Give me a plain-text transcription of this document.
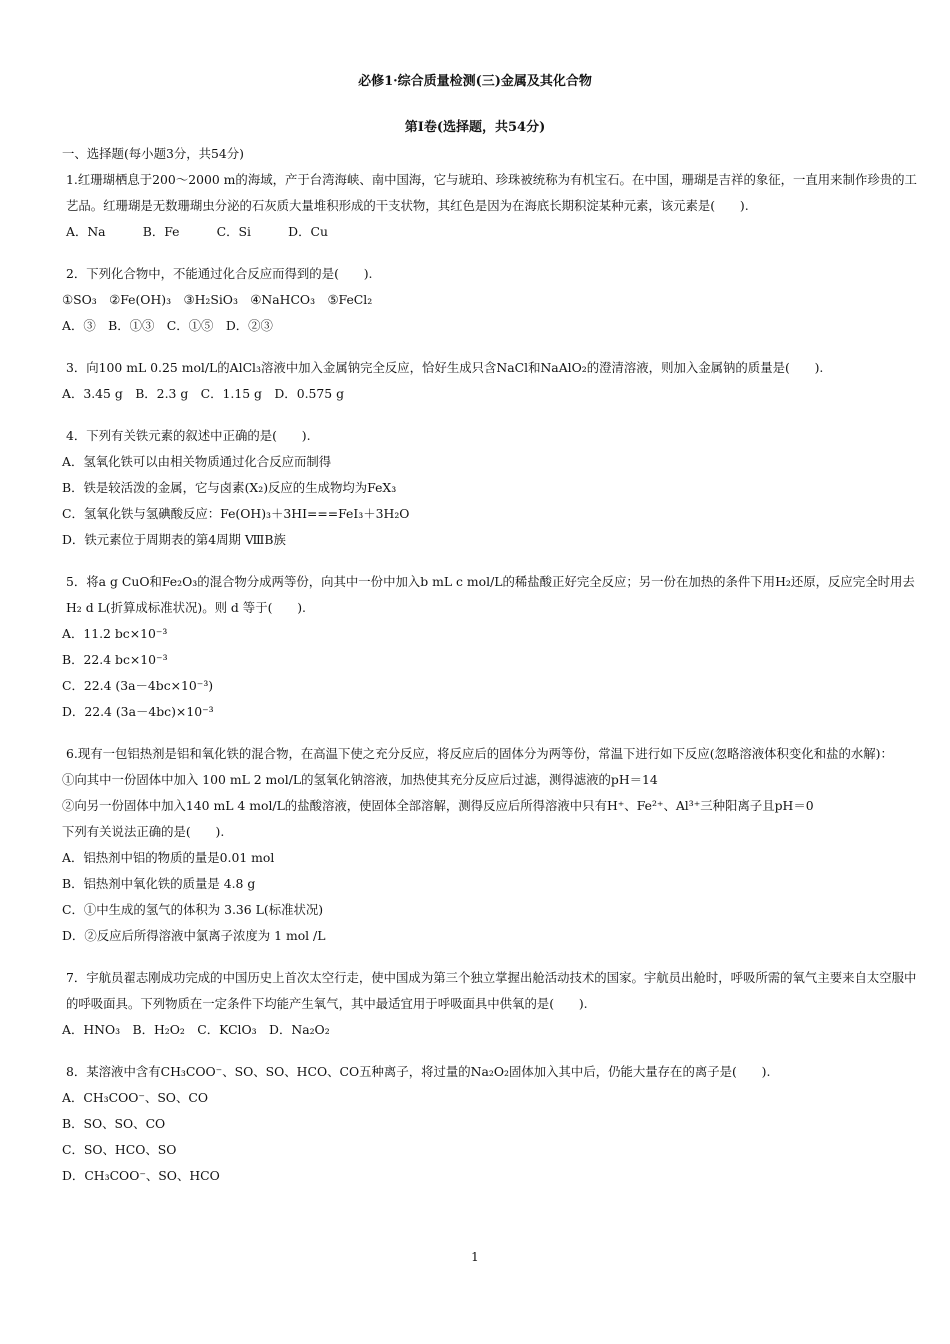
必修1·综合质量检测(三)金属及其化合物
第Ⅰ卷(选择题，共54分)
一、选择题(每小题3分，共54分)
1.红珊瑚栖息于200～2000 m的海域，产于台湾海峡、南中国海，它与琥珀、珍珠被统称为有机宝石。在中国，珊瑚是吉祥的象征，一直用来制作珍贵的工艺品。红珊瑚是无数珊瑚虫分泌的石灰质大量堆积形成的干支状物，其红色是因为在海底长期积淀某种元素，该元素是(　　).
A．Na　　　B．Fe　　　C．Si　　　D．Cu
2．下列化合物中，不能通过化合反应而得到的是(　　).
①SO₃　②Fe(OH)₃　③H₂SiO₃　④NaHCO₃　⑤FeCl₂
A．③　B．①③　C．①⑤　D．②③
3．向100 mL 0.25 mol/L的AlCl₃溶液中加入金属钠完全反应，恰好生成只含NaCl和NaAlO₂的澄清溶液，则加入金属钠的质量是(　　).
A．3.45 g　B．2.3 g　C．1.15 g　D．0.575 g
4．下列有关铁元素的叙述中正确的是(　　).
A．氢氧化铁可以由相关物质通过化合反应而制得
B．铁是较活泼的金属，它与卤素(X₂)反应的生成物均为FeX₃
C．氢氧化铁与氢碘酸反应：Fe(OH)₃＋3HI===FeI₃＋3H₂O
D．铁元素位于周期表的第4周期 ⅧB族
5．将a g CuO和Fe₂O₃的混合物分成两等份，向其中一份中加入b mL c mol/L的稀盐酸正好完全反应；另一份在加热的条件下用H₂还原，反应完全时用去H₂ d L(折算成标准状况)。则 d 等于(　　).
A．11.2 bc×10⁻³
B．22.4 bc×10⁻³
C．22.4 (3a－4bc×10⁻³)
D．22.4 (3a－4bc)×10⁻³
6.现有一包铝热剂是铝和氧化铁的混合物，在高温下使之充分反应，将反应后的固体分为两等份，常温下进行如下反应(忽略溶液体积变化和盐的水解)：
①向其中一份固体中加入 100 mL 2 mol/L的氢氧化钠溶液，加热使其充分反应后过滤，测得滤液的pH＝14
②向另一份固体中加入140 mL 4 mol/L的盐酸溶液，使固体全部溶解，测得反应后所得溶液中只有H⁺、Fe²⁺、Al³⁺三种阳离子且pH＝0
下列有关说法正确的是(　　).
A．铝热剂中铝的物质的量是0.01 mol
B．铝热剂中氧化铁的质量是 4.8 g
C．①中生成的氢气的体积为 3.36 L(标准状况)
D．②反应后所得溶液中氯离子浓度为 1 mol /L
7．宇航员翟志刚成功完成的中国历史上首次太空行走，使中国成为第三个独立掌握出舱活动技术的国家。宇航员出舱时，呼吸所需的氧气主要来自太空服中的呼吸面具。下列物质在一定条件下均能产生氧气，其中最适宜用于呼吸面具中供氧的是(　　).
A．HNO₃　B．H₂O₂　C．KClO₃　D．Na₂O₂
8．某溶液中含有CH₃COO⁻、SO、SO、HCO、CO五种离子，将过量的Na₂O₂固体加入其中后，仍能大量存在的离子是(　　).
A．CH₃COO⁻、SO、CO
B．SO、SO、CO
C．SO、HCO、SO
D．CH₃COO⁻、SO、HCO
1
